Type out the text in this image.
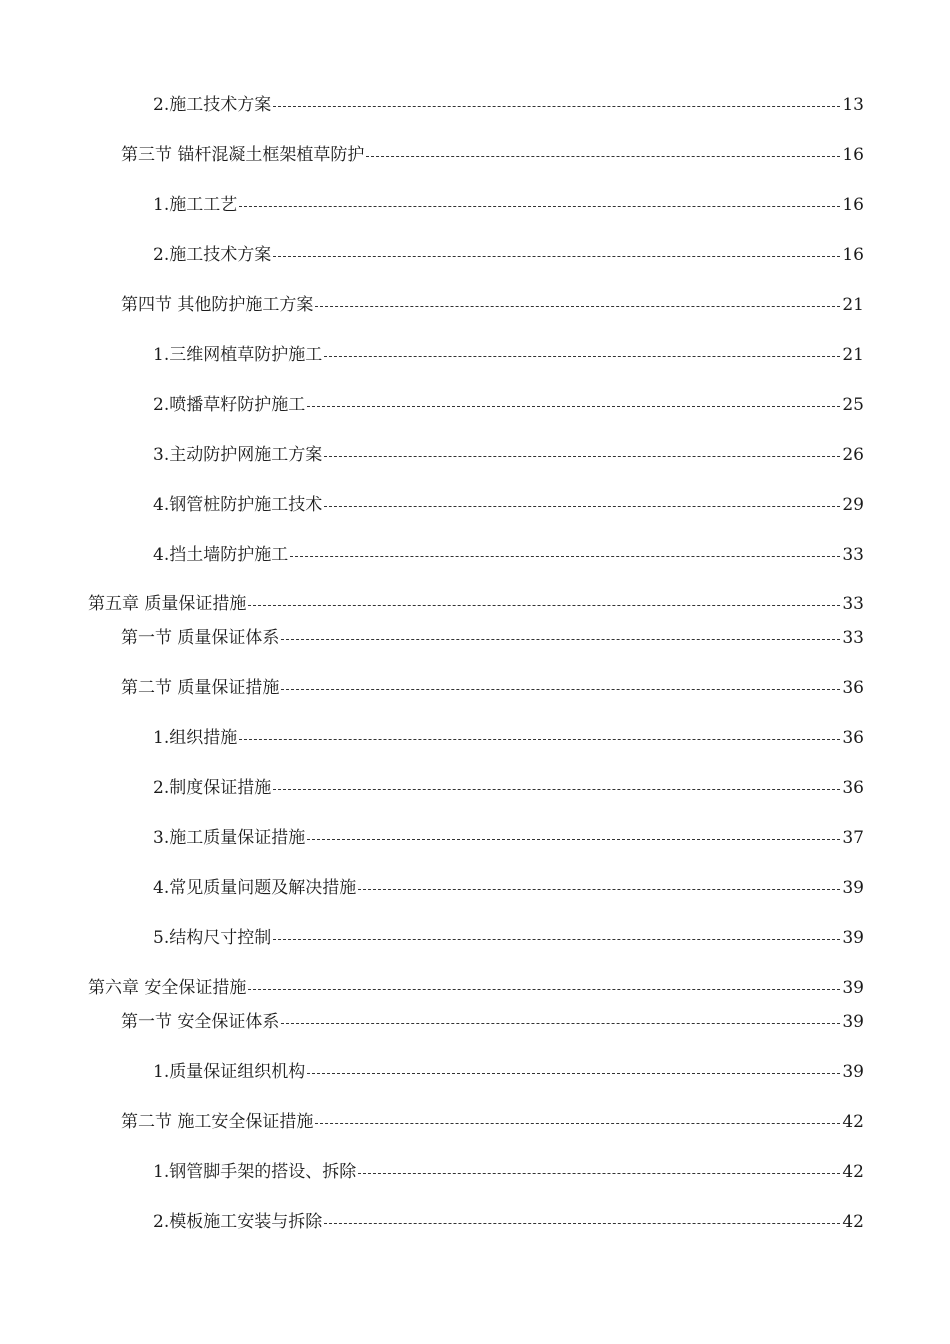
2.施工技术方案	13
第三节 锚杆混凝土框架植草防护	16
1.施工工艺	16
2.施工技术方案	16
第四节 其他防护施工方案	21
1.三维网植草防护施工	21
2.喷播草籽防护施工	25
3.主动防护网施工方案	26
4.钢管桩防护施工技术	29
4.挡土墙防护施工	33
第五章 质量保证措施	33
第一节 质量保证体系	33
第二节 质量保证措施	36
1.组织措施	36
2.制度保证措施	36
3.施工质量保证措施	37
4.常见质量问题及解决措施	39
5.结构尺寸控制	39
第六章 安全保证措施	39
第一节 安全保证体系	39
1.质量保证组织机构	39
第二节 施工安全保证措施	42
1.钢管脚手架的搭设、拆除	42
2.模板施工安装与拆除	42
